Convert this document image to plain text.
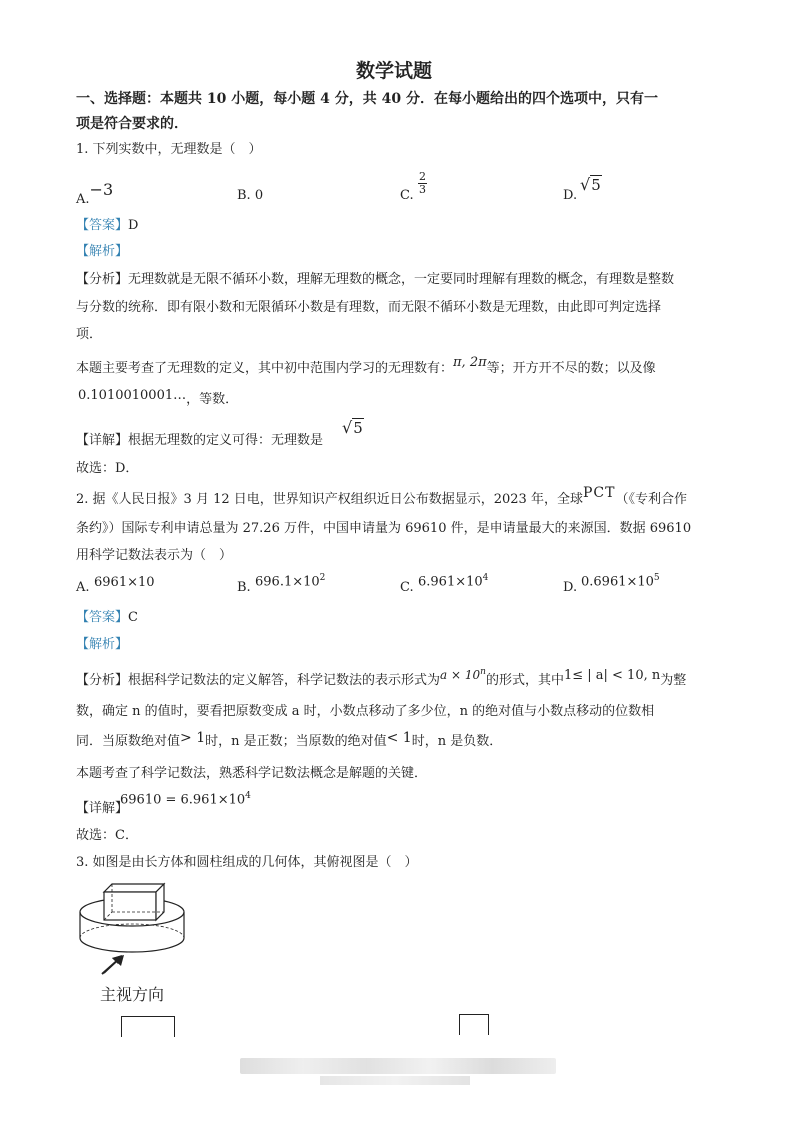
数学试题
一、选择题：本题共 10 小题，每小题 4 分，共 40 分．在每小题给出的四个选项中，只有一
项是符合要求的．
1. 下列实数中，无理数是（　）
A.−3	B. 0	C. $\frac{2}{3}$	D.
√5
【答案】D
【解析】
【分析】无理数就是无限不循环小数，理解无理数的概念，一定要同时理解有理数的概念，有理数是整数
与分数的统称．即有限小数和无限循环小数是有理数，而无限不循环小数是无理数，由此即可判定选择
项．
本题主要考查了无理数的定义，其中初中范围内学习的无理数有：π, 2π等；开方开不尽的数；以及像
0.1010010001…，等数．
【详解】根据无理数的定义可得：无理数是
√5
故选：D．
2. 据《人民日报》3 月 12 日电，世界知识产权组织近日公布数据显示，2023 年，全球PCT（《专利合作
条约》）国际专利申请总量为 27.26 万件，中国申请量为 69610 件，是申请量最大的来源国．数据 69610
用科学记数法表示为（　）
A. 6961×10	B. $696.1\times 10^2$
C. $6.961\times 10^4$
D. $0.6961\times 10^5$
【答案】C
【解析】
【分析】根据科学记数法的定义解答，科学记数法的表示形式为$a \times 10^n$的形式，其中1≤ | a| < 10, n为整
数，确定 n 的值时，要看把原数变成 a 时，小数点移动了多少位，n 的绝对值与小数点移动的位数相
同．当原数绝对值> 1时，n 是正数；当原数的绝对值< 1时，n 是负数．
本题考查了科学记数法，熟悉科学记数法概念是解题的关键．
【详解】
$69610 = 6.961\times 10^4$
故选：C．
3. 如图是由长方体和圆柱组成的几何体，其俯视图是（　）
主视方向
